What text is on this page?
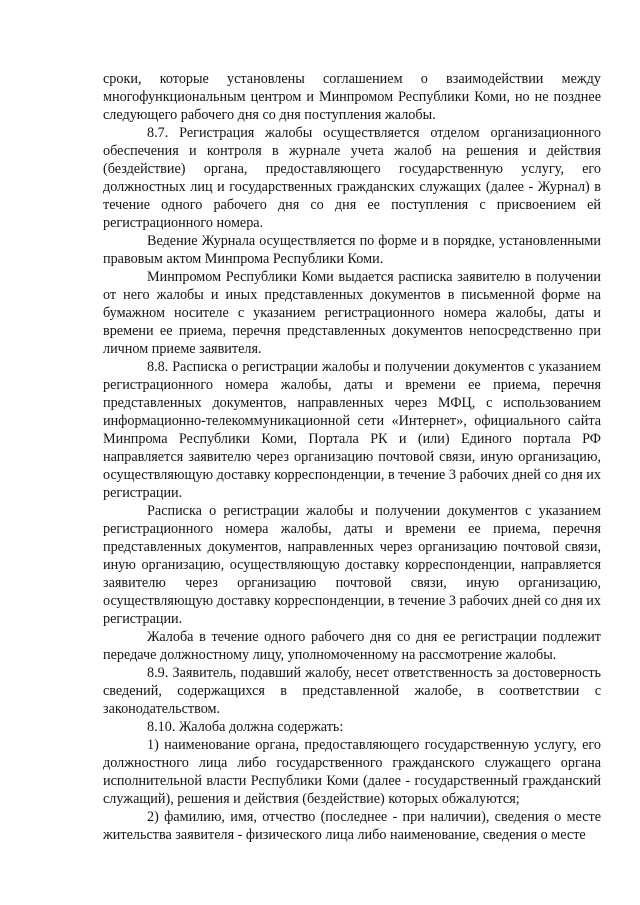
сроки, которые установлены соглашением о взаимодействии между многофункциональным центром и Минпромом Республики Коми, но не позднее следующего рабочего дня со дня поступления жалобы.

8.7. Регистрация жалобы осуществляется отделом организационного обеспечения и контроля в журнале учета жалоб на решения и действия (бездействие) органа, предоставляющего государственную услугу, его должностных лиц и государственных гражданских служащих (далее - Журнал) в течение одного рабочего дня со дня ее поступления с присвоением ей регистрационного номера.

Ведение Журнала осуществляется по форме и в порядке, установленными правовым актом Минпрома Республики Коми.

Минпромом Республики Коми выдается расписка заявителю в получении от него жалобы и иных представленных документов в письменной форме на бумажном носителе с указанием регистрационного номера жалобы, даты и времени ее приема, перечня представленных документов непосредственно при личном приеме заявителя.

8.8. Расписка о регистрации жалобы и получении документов с указанием регистрационного номера жалобы, даты и времени ее приема, перечня представленных документов, направленных через МФЦ, с использованием информационно-телекоммуникационной сети «Интернет», официального сайта Минпрома Республики Коми, Портала РК и (или) Единого портала РФ направляется заявителю через организацию почтовой связи, иную организацию, осуществляющую доставку корреспонденции, в течение 3 рабочих дней со дня их регистрации.

Расписка о регистрации жалобы и получении документов с указанием регистрационного номера жалобы, даты и времени ее приема, перечня представленных документов, направленных через организацию почтовой связи, иную организацию, осуществляющую доставку корреспонденции, направляется заявителю через организацию почтовой связи, иную организацию, осуществляющую доставку корреспонденции, в течение 3 рабочих дней со дня их регистрации.

Жалоба в течение одного рабочего дня со дня ее регистрации подлежит передаче должностному лицу, уполномоченному на рассмотрение жалобы.

8.9. Заявитель, подавший жалобу, несет ответственность за достоверность сведений, содержащихся в представленной жалобе, в соответствии с законодательством.

8.10. Жалоба должна содержать:

1) наименование органа, предоставляющего государственную услугу, его должностного лица либо государственного гражданского служащего органа исполнительной власти Республики Коми (далее - государственный гражданский служащий), решения и действия (бездействие) которых обжалуются;

2) фамилию, имя, отчество (последнее - при наличии), сведения о месте жительства заявителя - физического лица либо наименование, сведения о месте
